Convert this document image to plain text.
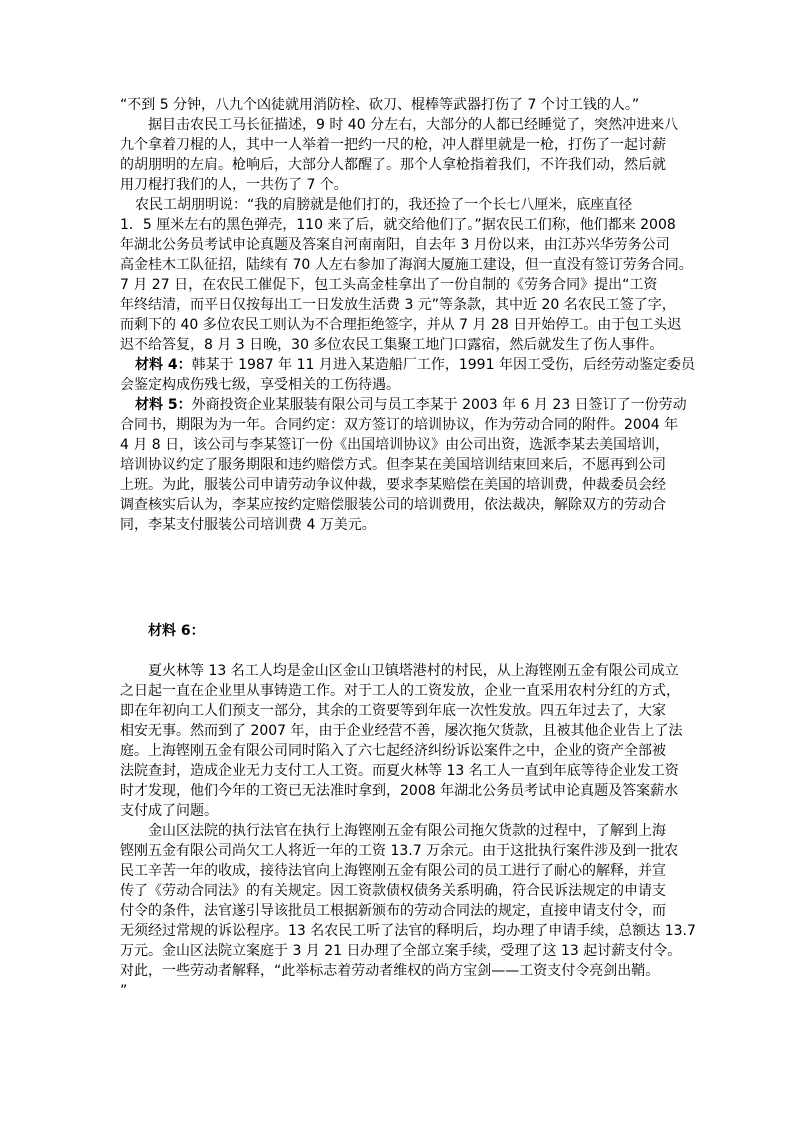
“不到 5 分钟，八九个凶徒就用消防栓、砍刀、棍棒等武器打伤了 7 个讨工钱的人。”
据目击农民工马长征描述，9 时 40 分左右，大部分的人都已经睡觉了，突然冲进来八
九个拿着刀棍的人，其中一人举着一把约一尺的枪，冲人群里就是一枪，打伤了一起讨薪
的胡朋明的左肩。枪响后，大部分人都醒了。那个人拿枪指着我们，不许我们动，然后就
用刀棍打我们的人，一共伤了 7 个。
农民工胡朋明说：“我的肩膀就是他们打的，我还捡了一个长七八厘米，底座直径
1．5 厘米左右的黑色弹壳，110 来了后，就交给他们了。”据农民工们称，他们都来 2008
年湖北公务员考试申论真题及答案自河南南阳，自去年 3 月份以来，由江苏兴华劳务公司
高金桂木工队征招，陆续有 70 人左右参加了海润大厦施工建设，但一直没有签订劳务合同。
7 月 27 日，在农民工催促下，包工头高金桂拿出了一份自制的《劳务合同》提出“工资
年终结清，而平日仅按每出工一日发放生活费 3 元”等条款，其中近 20 名农民工签了字，
而剩下的 40 多位农民工则认为不合理拒绝签字，并从 7 月 28 日开始停工。由于包工头迟
迟不给答复，8 月 3 日晚，30 多位农民工集聚工地门口露宿，然后就发生了伤人事件。
材料 4：韩某于 1987 年 11 月进入某造船厂工作，1991 年因工受伤，后经劳动鉴定委员
会鉴定构成伤残七级，享受相关的工伤待遇。
材料 5：外商投资企业某服装有限公司与员工李某于 2003 年 6 月 23 日签订了一份劳动
合同书，期限为为一年。合同约定：双方签订的培训协议，作为劳动合同的附件。2004 年
4 月 8 日，该公司与李某签订一份《出国培训协议》由公司出资，选派李某去美国培训，
培训协议约定了服务期限和违约赔偿方式。但李某在美国培训结束回来后，不愿再到公司
上班。为此，服装公司申请劳动争议仲裁，要求李某赔偿在美国的培训费，仲裁委员会经
调查核实后认为，李某应按约定赔偿服装公司的培训费用，依法裁决，解除双方的劳动合
同，李某支付服装公司培训费 4 万美元。
材料 6：
夏火林等 13 名工人均是金山区金山卫镇塔港村的村民，从上海铿刚五金有限公司成立
之日起一直在企业里从事铸造工作。对于工人的工资发放，企业一直采用农村分红的方式，
即在年初向工人们预支一部分，其余的工资要等到年底一次性发放。四五年过去了，大家
相安无事。然而到了 2007 年，由于企业经营不善，屡次拖欠货款，且被其他企业告上了法
庭。上海铿刚五金有限公司同时陷入了六七起经济纠纷诉讼案件之中，企业的资产全部被
法院查封，造成企业无力支付工人工资。而夏火林等 13 名工人一直到年底等待企业发工资
时才发现，他们今年的工资已无法准时拿到，2008 年湖北公务员考试申论真题及答案薪水
支付成了问题。
金山区法院的执行法官在执行上海铿刚五金有限公司拖欠货款的过程中，了解到上海
铿刚五金有限公司尚欠工人将近一年的工资 13.7 万余元。由于这批执行案件涉及到一批农
民工辛苦一年的收成，接待法官向上海铿刚五金有限公司的员工进行了耐心的解释，并宣
传了《劳动合同法》的有关规定。因工资款债权债务关系明确，符合民诉法规定的申请支
付令的条件，法官遂引导该批员工根据新颁布的劳动合同法的规定，直接申请支付令，而
无须经过常规的诉讼程序。13 名农民工听了法官的释明后，均办理了申请手续，总额达 13.7
万元。金山区法院立案庭于 3 月 21 日办理了全部立案手续，受理了这 13 起讨薪支付令。
对此，一些劳动者解释，“此举标志着劳动者维权的尚方宝剑——工资支付令亮剑出鞘。
”
